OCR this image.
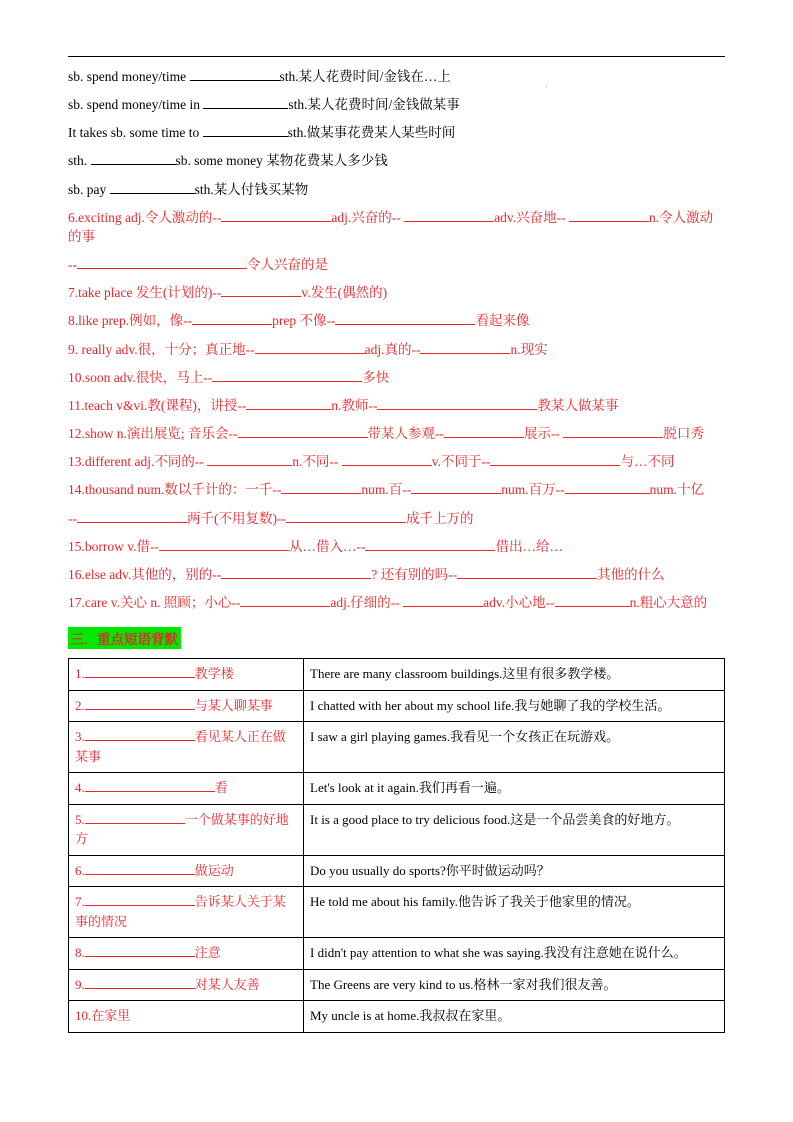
.
sb. spend money/time	sth.某人花费时间/金钱在…上
sb. spend money/time in	sth.某人花费时间/金钱做某事
It takes sb. some time to	sth.做某事花费某人某些时间
sth.	sb. some money 某物花费某人多少钱
sb. pay	sth.某人付钱买某物
6.exciting adj.令人激动的--	adj.兴奋的--	adv.兴奋地--	n.令人激动的事
--	令人兴奋的是
7.take place 发生(计划的)--	v.发生(偶然的)
8.like prep.例如，像--	prep 不像--	看起来像
9. really adv.很，十分；真正地--	adj.真的--	n.现实
10.soon adv.很快，马上--	多快
11.teach v&vi.教(课程)，讲授--	n.教师--	教某人做某事
12.show n.演出展览; 音乐会--	带某人参观--	展示--	脱口秀
13.different adj.不同的--	n.不同--	v.不同于--	与…不同
14.thousand num.数以千计的：一千--	num.百--	num.百万--	num.十亿
--	两千(不用复数)--	成千上万的
15.borrow v.借--	从…借入…--	借出…给…
16.else adv.其他的，别的--	? 还有别的吗--	其他的什么
17.care v.关心 n. 照顾；小心--	adj.仔细的--	adv.小心地--	n.粗心大意的
三．重点短语背默
1. 教学楼	There are many classroom buildings.这里有很多教学楼。
2. 与某人聊某事	I chatted with her about my school life.我与她聊了我的学校生活。
3. 看见某人正在做某事	I saw a girl playing games.我看见一个女孩正在玩游戏。
4. 看	Let's look at it again.我们再看一遍。
5. 一个做某事的好地方	It is a good place to try delicious food.这是一个品尝美食的好地方。
6. 做运动	Do you usually do sports?你平时做运动吗？
7. 告诉某人关于某事的情况	He told me about his family.他告诉了我关于他家里的情况。
8. 注意	I didn't pay attention to what she was saying.我没有注意她在说什么。
9. 对某人友善	The Greens are very kind to us.格林一家对我们很友善。
10.在家里	My uncle is at home.我叔叔在家里。
